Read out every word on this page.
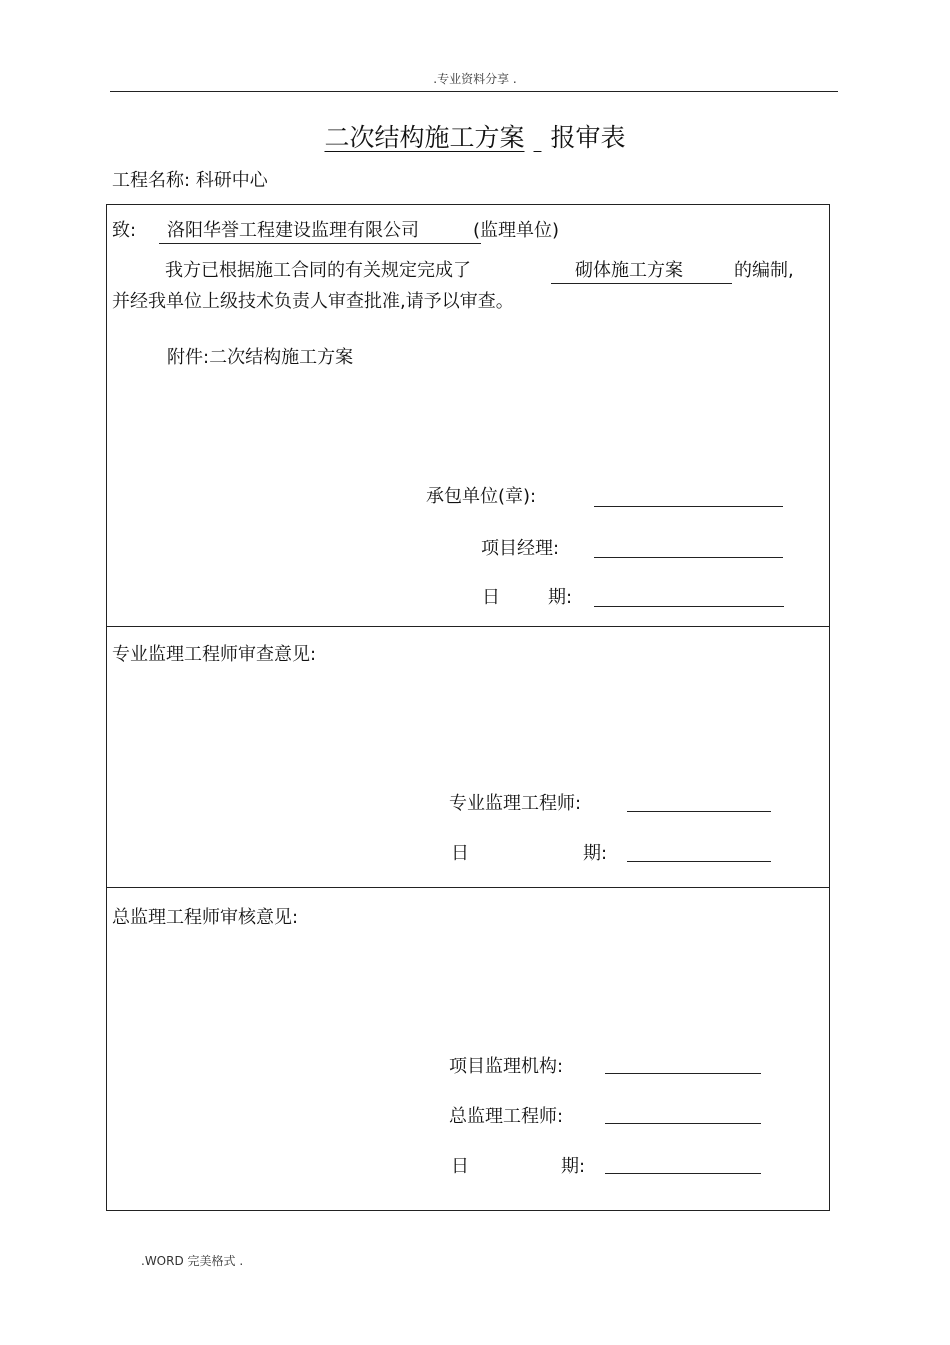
.专业资料分享 .
二次结构施工方案 报审表
工程名称: 科研中心
致:	洛阳华誉工程建设监理有限公司	(监理单位)
我方已根据施工合同的有关规定完成了	砌体施工方案	的编制,
并经我单位上级技术负责人审查批准,请予以审查。
附件:二次结构施工方案
承包单位(章):
项目经理:
日	期:
专业监理工程师审查意见:
专业监理工程师:
日	期:
总监理工程师审核意见:
项目监理机构:
总监理工程师:
日	期:
.WORD 完美格式 .
